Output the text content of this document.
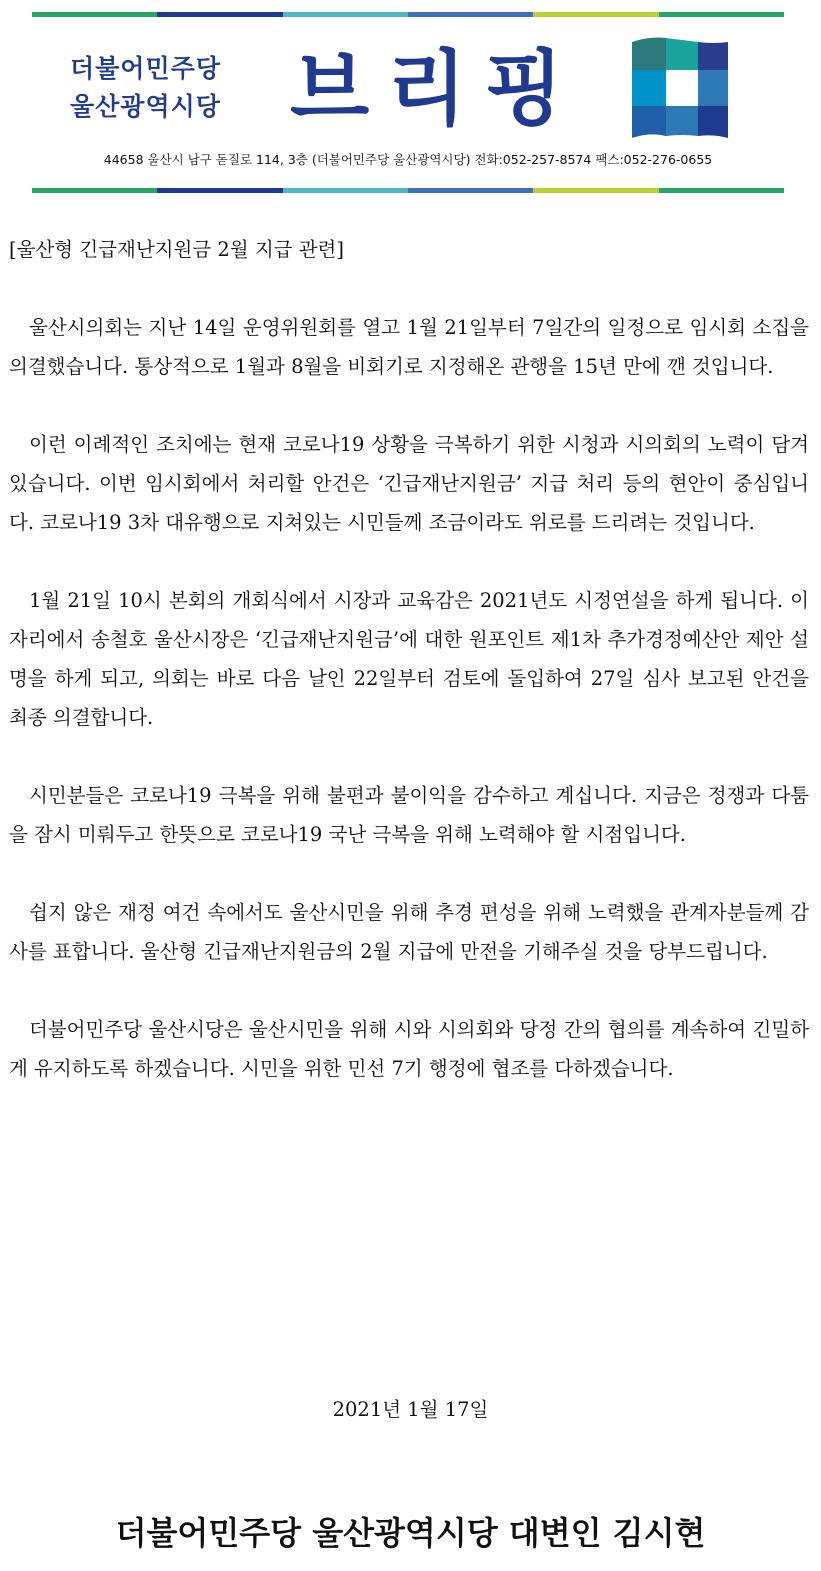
더불어민주당
울산광역시당 브리핑
44658 울산시 남구 돋질로 114, 3층 (더불어민주당 울산광역시당) 전화:052-257-8574 팩스:052-276-0655

[울산형 긴급재난지원금 2월 지급 관련]

울산시의회는 지난 14일 운영위원회를 열고 1월 21일부터 7일간의 일정으로 임시회 소집을 의결했습니다. 통상적으로 1월과 8월을 비회기로 지정해온 관행을 15년 만에 깬 것입니다.

이런 이례적인 조치에는 현재 코로나19 상황을 극복하기 위한 시청과 시의회의 노력이 담겨있습니다. 이번 임시회에서 처리할 안건은 ‘긴급재난지원금’ 지급 처리 등의 현안이 중심입니다. 코로나19 3차 대유행으로 지쳐있는 시민들께 조금이라도 위로를 드리려는 것입니다.

1월 21일 10시 본회의 개회식에서 시장과 교육감은 2021년도 시정연설을 하게 됩니다. 이 자리에서 송철호 울산시장은 ‘긴급재난지원금’에 대한 원포인트 제1차 추가경정예산안 제안 설명을 하게 되고, 의회는 바로 다음 날인 22일부터 검토에 돌입하여 27일 심사 보고된 안건을 최종 의결합니다.

시민분들은 코로나19 극복을 위해 불편과 불이익을 감수하고 계십니다. 지금은 정쟁과 다툼을 잠시 미뤄두고 한뜻으로 코로나19 국난 극복을 위해 노력해야 할 시점입니다.

쉽지 않은 재정 여건 속에서도 울산시민을 위해 추경 편성을 위해 노력했을 관계자분들께 감사를 표합니다. 울산형 긴급재난지원금의 2월 지급에 만전을 기해주실 것을 당부드립니다.

더불어민주당 울산시당은 울산시민을 위해 시와 시의회와 당정 간의 협의를 계속하여 긴밀하게 유지하도록 하겠습니다. 시민을 위한 민선 7기 행정에 협조를 다하겠습니다.

2021년 1월 17일
더불어민주당 울산광역시당 대변인 김시현
